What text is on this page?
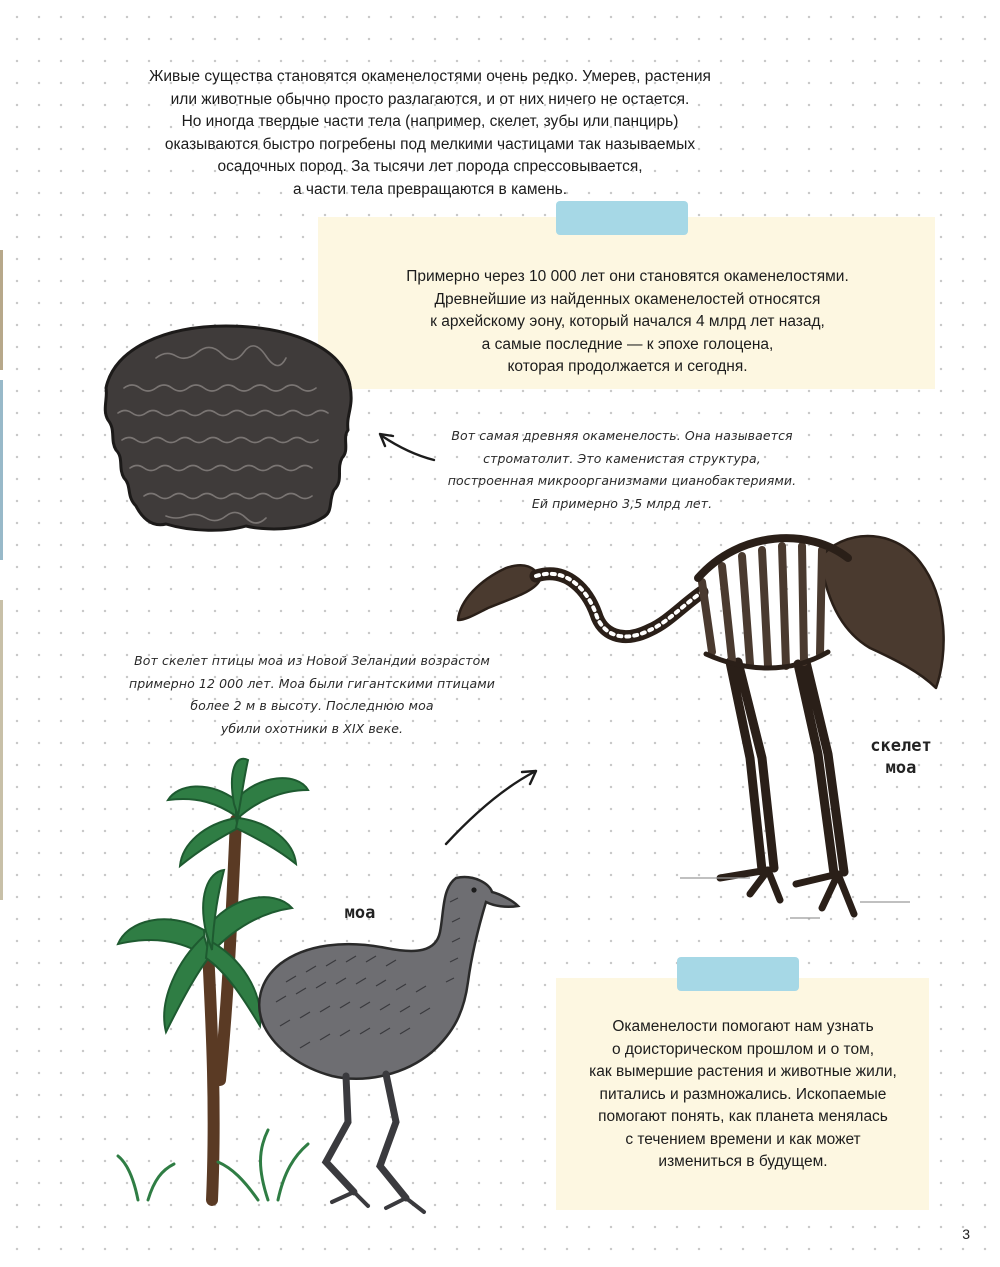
Живые существа становятся окаменелостями очень редко. Умерев, растения
или животные обычно просто разлагаются, и от них ничего не остается.
Но иногда твердые части тела (например, скелет, зубы или панцирь)
оказываются быстро погребены под мелкими частицами так называемых
осадочных пород. За тысячи лет порода спрессовывается,
а части тела превращаются в камень.

Примерно через 10 000 лет они становятся окаменелостями.
Древнейшие из найденных окаменелостей относятся
к архейскому эону, который начался 4 млрд лет назад,
а самые последние — к эпохе голоцена,
которая продолжается и сегодня.

Вот самая древняя окаменелость. Она называется
строматолит. Это каменистая структура,
построенная микроорганизмами цианобактериями.
Ей примерно 3,5 млрд лет.

скелет
моа

Вот скелет птицы моа из Новой Зеландии возрастом
примерно 12 000 лет. Моа были гигантскими птицами
более 2 м в высоту. Последнюю моа
убили охотники в XIX веке.

моа

Окаменелости помогают нам узнать
о доисторическом прошлом и о том,
как вымершие растения и животные жили,
питались и размножались. Ископаемые
помогают понять, как планета менялась
с течением времени и как может
измениться в будущем.

3
